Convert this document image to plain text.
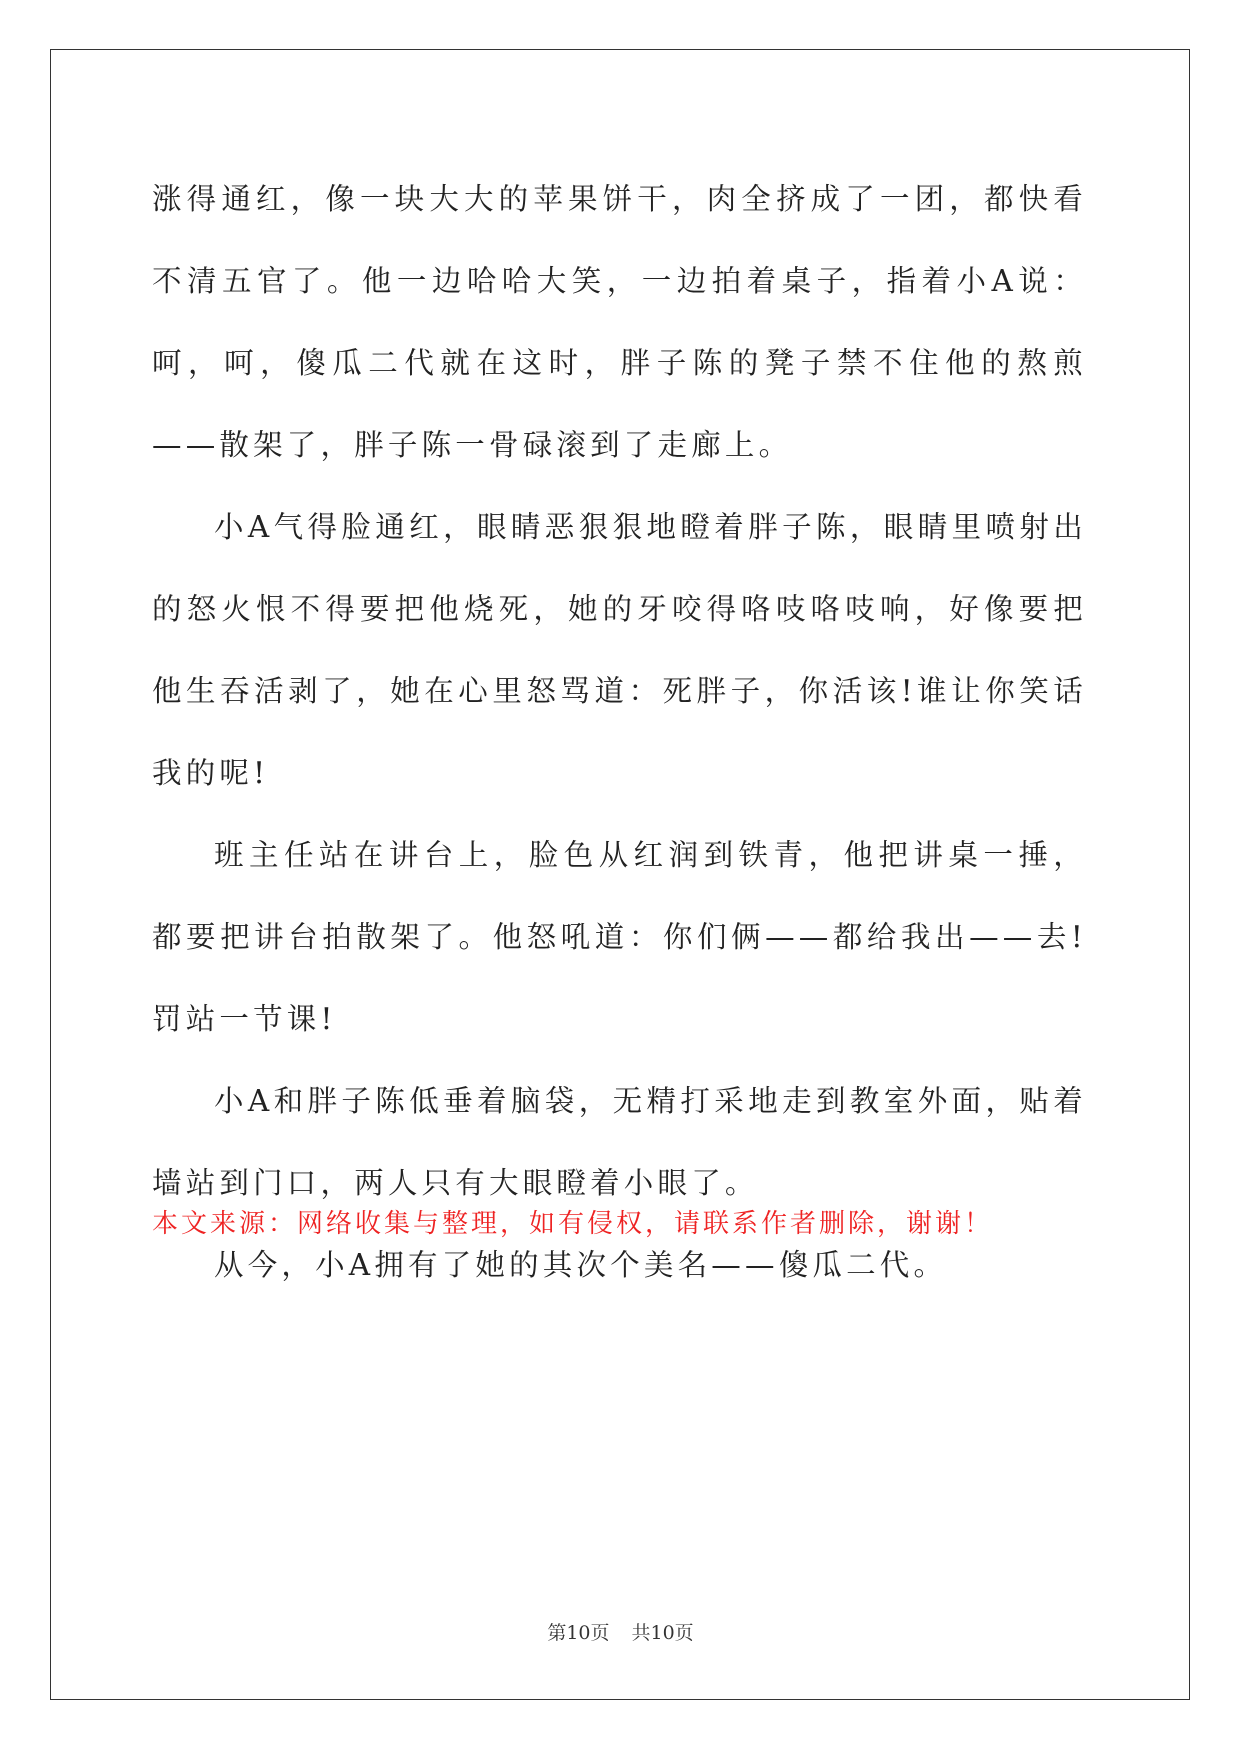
涨得通红，像一块大大的苹果饼干，肉全挤成了一团，都快看不清五官了。他一边哈哈大笑，一边拍着桌子，指着小A说：呵，呵，傻瓜二代就在这时，胖子陈的凳子禁不住他的熬煎——散架了，胖子陈一骨碌滚到了走廊上。

小A气得脸通红，眼睛恶狠狠地瞪着胖子陈，眼睛里喷射出的怒火恨不得要把他烧死，她的牙咬得咯吱咯吱响，好像要把他生吞活剥了，她在心里怒骂道：死胖子，你活该!谁让你笑话我的呢!

班主任站在讲台上，脸色从红润到铁青，他把讲桌一捶，都要把讲台拍散架了。他怒吼道：你们俩——都给我出——去!罚站一节课!

小A和胖子陈低垂着脑袋，无精打采地走到教室外面，贴着墙站到门口，两人只有大眼瞪着小眼了。

从今，小A拥有了她的其次个美名——傻瓜二代。

本文来源：网络收集与整理，如有侵权，请联系作者删除，谢谢！

第10页 共10页
